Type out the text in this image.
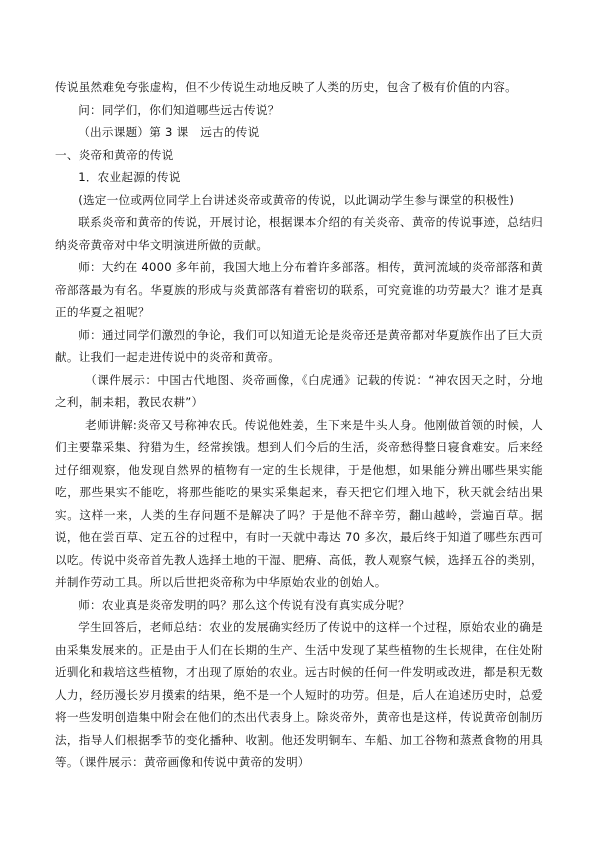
传说虽然难免夸张虚构，但不少传说生动地反映了人类的历史，包含了极有价值的内容。

问：同学们，你们知道哪些远古传说？

（出示课题）第 3 课　远古的传说

一、炎帝和黄帝的传说

1．农业起源的传说

(选定一位或两位同学上台讲述炎帝或黄帝的传说，以此调动学生参与课堂的积极性)

联系炎帝和黄帝的传说，开展讨论，根据课本介绍的有关炎帝、黄帝的传说事迹，总结归纳炎帝黄帝对中华文明演进所做的贡献。

师：大约在 4000 多年前，我国大地上分布着许多部落。相传，黄河流域的炎帝部落和黄帝部落最为有名。华夏族的形成与炎黄部落有着密切的联系，可究竟谁的功劳最大？谁才是真正的华夏之祖呢？

师：通过同学们激烈的争论，我们可以知道无论是炎帝还是黄帝都对华夏族作出了巨大贡献。让我们一起走进传说中的炎帝和黄帝。

（课件展示：中国古代地图、炎帝画像，《白虎通》记载的传说：“神农因天之时，分地之利，制耒耜，教民农耕”）

老师讲解:炎帝又号称神农氏。传说他姓姜，生下来是牛头人身。他刚做首领的时候，人们主要靠采集、狩猎为生，经常挨饿。想到人们今后的生活，炎帝愁得整日寝食难安。后来经过仔细观察，他发现自然界的植物有一定的生长规律，于是他想，如果能分辨出哪些果实能吃，那些果实不能吃，将那些能吃的果实采集起来，春天把它们埋入地下，秋天就会结出果实。这样一来，人类的生存问题不是解决了吗？于是他不辞辛劳，翻山越岭，尝遍百草。据说，他在尝百草、定五谷的过程中，有时一天就中毒达 70 多次，最后终于知道了哪些东西可以吃。传说中炎帝首先教人选择土地的干湿、肥瘠、高低，教人观察气候，选择五谷的类别，并制作劳动工具。所以后世把炎帝称为中华原始农业的创始人。

师：农业真是炎帝发明的吗？那么这个传说有没有真实成分呢？

学生回答后，老师总结：农业的发展确实经历了传说中的这样一个过程，原始农业的确是由采集发展来的。正是由于人们在长期的生产、生活中发现了某些植物的生长规律，在住处附近驯化和栽培这些植物，才出现了原始的农业。远古时候的任何一件发明或改进，都是积无数人力，经历漫长岁月摸索的结果，绝不是一个人短时的功劳。但是，后人在追述历史时，总爱将一些发明创造集中附会在他们的杰出代表身上。除炎帝外，黄帝也是这样，传说黄帝创制历法，指导人们根据季节的变化播种、收割。他还发明铜车、车船、加工谷物和蒸煮食物的用具等。（课件展示：黄帝画像和传说中黄帝的发明）
